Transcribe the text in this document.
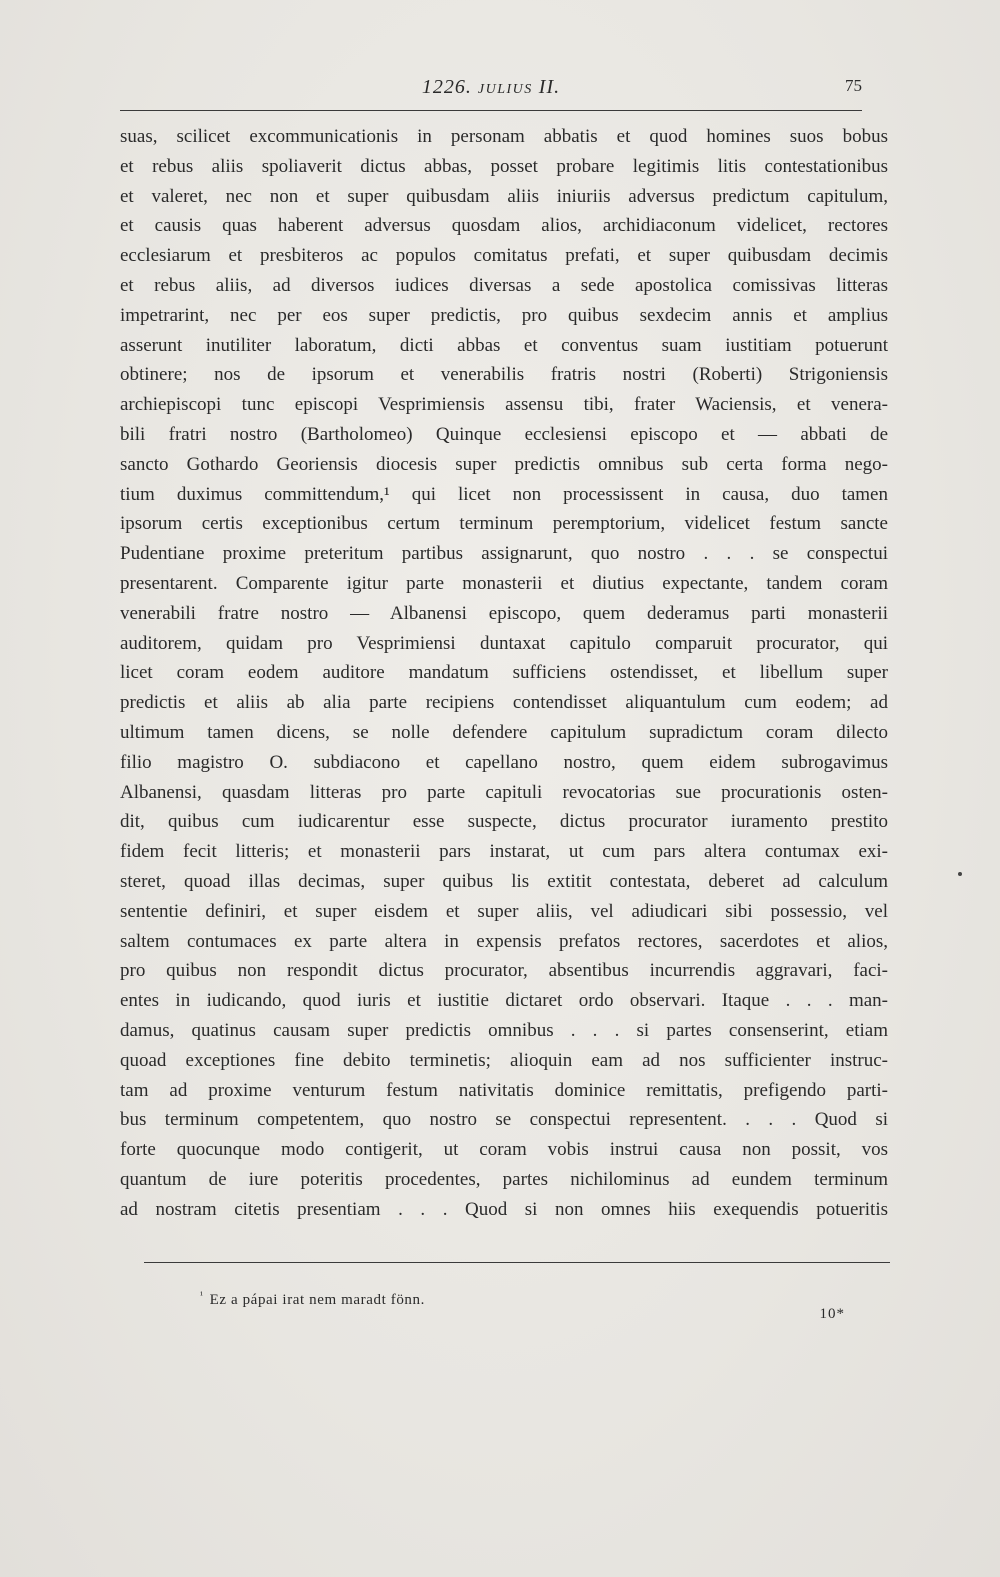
1226. JULIUS II.	75
suas, scilicet excommunicationis in personam abbatis et quod homines suos bobus
et rebus aliis spoliaverit dictus abbas, posset probare legitimis litis contestationibus
et valeret, nec non et super quibusdam aliis iniuriis adversus predictum capitulum,
et causis quas haberent adversus quosdam alios, archidiaconum videlicet, rectores
ecclesiarum et presbiteros ac populos comitatus prefati, et super quibusdam decimis
et rebus aliis, ad diversos iudices diversas a sede apostolica comissivas litteras
impetrarint, nec per eos super predictis, pro quibus sexdecim annis et amplius
asserunt inutiliter laboratum, dicti abbas et conventus suam iustitiam potuerunt
obtinere; nos de ipsorum et venerabilis fratris nostri (Roberti) Strigoniensis
archiepiscopi tunc episcopi Vesprimiensis assensu tibi, frater Waciensis, et venera-
bili fratri nostro (Bartholomeo) Quinque ecclesiensi episcopo et — abbati de
sancto Gothardo Georiensis diocesis super predictis omnibus sub certa forma nego-
tium duximus committendum,¹ qui licet non processissent in causa, duo tamen
ipsorum certis exceptionibus certum terminum peremptorium, videlicet festum sancte
Pudentiane proxime preteritum partibus assignarunt, quo nostro . . . se conspectui
presentarent. Comparente igitur parte monasterii et diutius expectante, tandem coram
venerabili fratre nostro — Albanensi episcopo, quem dederamus parti monasterii
auditorem, quidam pro Vesprimiensi duntaxat capitulo comparuit procurator, qui
licet coram eodem auditore mandatum sufficiens ostendisset, et libellum super
predictis et aliis ab alia parte recipiens contendisset aliquantulum cum eodem; ad
ultimum tamen dicens, se nolle defendere capitulum supradictum coram dilecto
filio magistro O. subdiacono et capellano nostro, quem eidem subrogavimus
Albanensi, quasdam litteras pro parte capituli revocatorias sue procurationis osten-
dit, quibus cum iudicarentur esse suspecte, dictus procurator iuramento prestito
fidem fecit litteris; et monasterii pars instarat, ut cum pars altera contumax exi-
steret, quoad illas decimas, super quibus lis extitit contestata, deberet ad calculum
sententie definiri, et super eisdem et super aliis, vel adiudicari sibi possessio, vel
saltem contumaces ex parte altera in expensis prefatos rectores, sacerdotes et alios,
pro quibus non respondit dictus procurator, absentibus incurrendis aggravari, faci-
entes in iudicando, quod iuris et iustitie dictaret ordo observari. Itaque . . . man-
damus, quatinus causam super predictis omnibus . . . si partes consenserint, etiam
quoad exceptiones fine debito terminetis; alioquin eam ad nos sufficienter instruc-
tam ad proxime venturum festum nativitatis dominice remittatis, prefigendo parti-
bus terminum competentem, quo nostro se conspectui representent. . . . Quod si
forte quocunque modo contigerit, ut coram vobis instrui causa non possit, vos
quantum de iure poteritis procedentes, partes nichilominus ad eundem terminum
ad nostram citetis presentiam . . . Quod si non omnes hiis exequendis potueritis
$^{^1}$ Ez a pápai irat nem maradt fönn.
10*
